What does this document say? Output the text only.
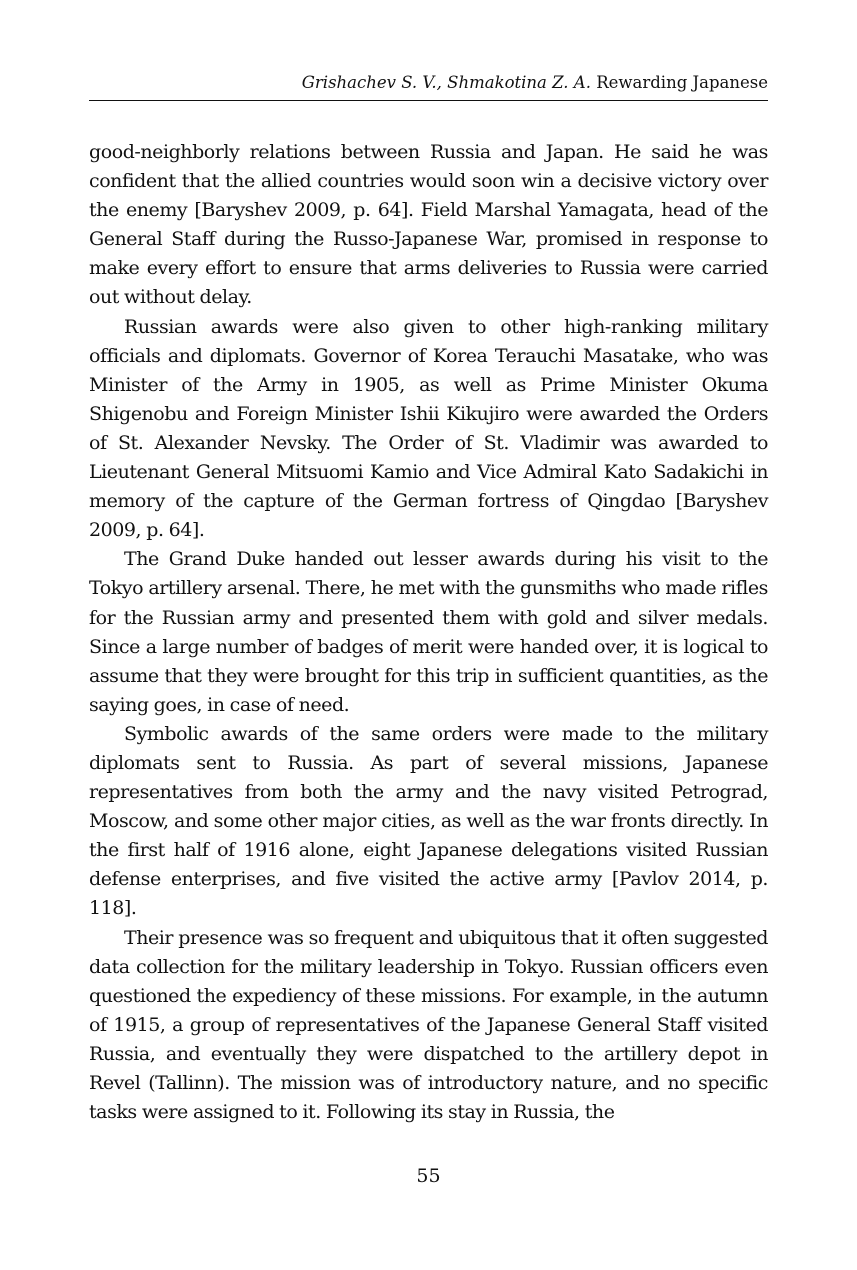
Grishachev S. V., Shmakotina Z. A. Rewarding Japanese

good-neighborly relations between Russia and Japan. He said he was confident that the allied countries would soon win a decisive victory over the enemy [Baryshev 2009, p. 64]. Field Marshal Yamagata, head of the General Staff during the Russo-Japanese War, promised in response to make every effort to ensure that arms deliveries to Russia were carried out without delay.

Russian awards were also given to other high-ranking military officials and diplomats. Governor of Korea Terauchi Masatake, who was Minister of the Army in 1905, as well as Prime Minister Okuma Shigenobu and Foreign Minister Ishii Kikujiro were awarded the Orders of St. Alexander Nevsky. The Order of St. Vladimir was awarded to Lieutenant General Mitsuomi Kamio and Vice Admiral Kato Sadakichi in memory of the capture of the German fortress of Qingdao [Baryshev 2009, p. 64].

The Grand Duke handed out lesser awards during his visit to the Tokyo artillery arsenal. There, he met with the gunsmiths who made rifles for the Russian army and presented them with gold and silver medals. Since a large number of badges of merit were handed over, it is logical to assume that they were brought for this trip in sufficient quantities, as the saying goes, in case of need.

Symbolic awards of the same orders were made to the military diplomats sent to Russia. As part of several missions, Japanese representatives from both the army and the navy visited Petrograd, Moscow, and some other major cities, as well as the war fronts directly. In the first half of 1916 alone, eight Japanese delegations visited Russian defense enterprises, and five visited the active army [Pavlov 2014, p. 118].

Their presence was so frequent and ubiquitous that it often suggested data collection for the military leadership in Tokyo. Russian officers even questioned the expediency of these missions. For example, in the autumn of 1915, a group of representatives of the Japanese General Staff visited Russia, and eventually they were dispatched to the artillery depot in Revel (Tallinn). The mission was of introductory nature, and no specific tasks were assigned to it. Following its stay in Russia, the

55
